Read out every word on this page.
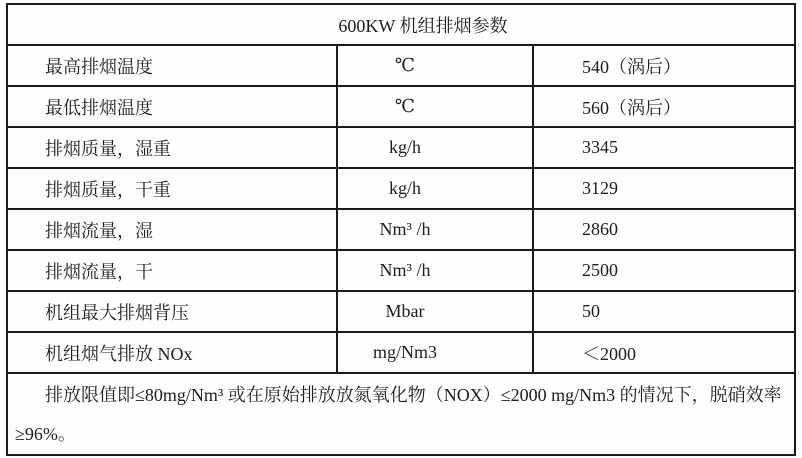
600KW 机组排烟参数		
最高排烟温度	℃	540（涡后）
最低排烟温度	℃	560（涡后）
排烟质量，湿重	kg/h	3345
排烟质量，干重	kg/h	3129
排烟流量，湿	Nm³ /h	2860
排烟流量，干	Nm³ /h	2500
机组最大排烟背压	Mbar	50
机组烟气排放 NOx	mg/Nm3	＜2000
排放限值即≤80mg/Nm³ 或在原始排放放氮氧化物（NOX）≤2000 mg/Nm3 的情况下，脱硝效率≥96%。		
